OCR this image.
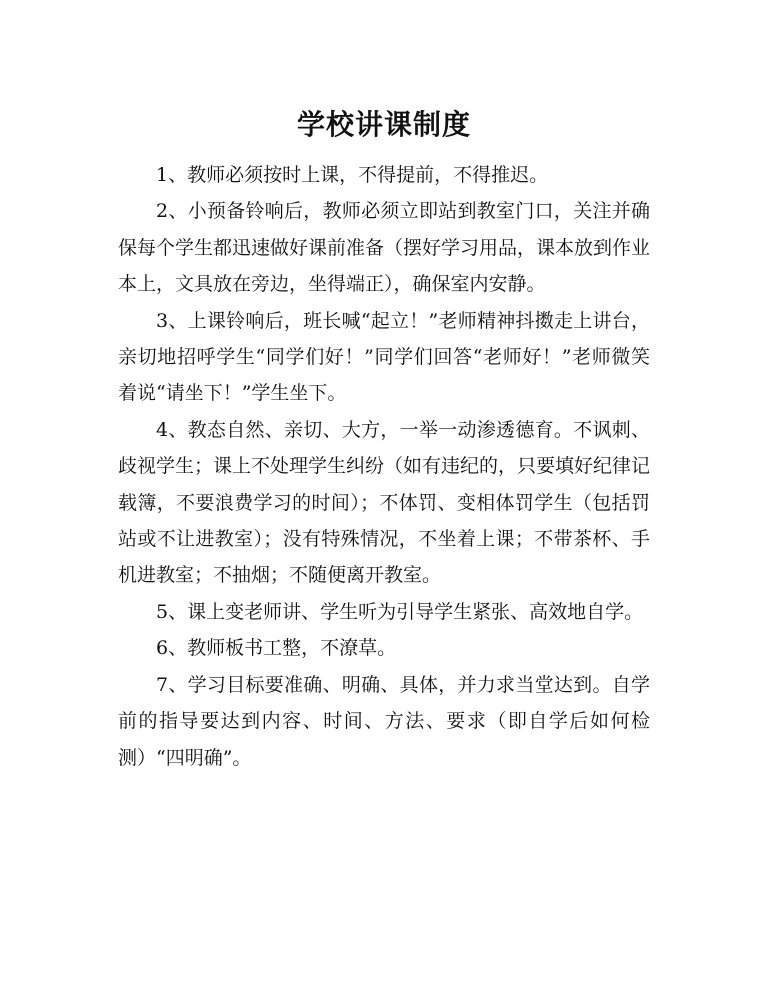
学校讲课制度

1、教师必须按时上课，不得提前，不得推迟。

2、小预备铃响后，教师必须立即站到教室门口，关注并确保每个学生都迅速做好课前准备（摆好学习用品，课本放到作业本上，文具放在旁边，坐得端正），确保室内安静。

3、上课铃响后，班长喊“起立！”老师精神抖擞走上讲台，亲切地招呼学生“同学们好！”同学们回答“老师好！”老师微笑着说“请坐下！”学生坐下。

4、教态自然、亲切、大方，一举一动渗透德育。不讽刺、歧视学生；课上不处理学生纠纷（如有违纪的，只要填好纪律记载簿，不要浪费学习的时间）；不体罚、变相体罚学生（包括罚站或不让进教室）；没有特殊情况，不坐着上课；不带茶杯、手机进教室；不抽烟；不随便离开教室。

5、课上变老师讲、学生听为引导学生紧张、高效地自学。

6、教师板书工整，不潦草。

7、学习目标要准确、明确、具体，并力求当堂达到。自学前的指导要达到内容、时间、方法、要求（即自学后如何检测）“四明确”。
